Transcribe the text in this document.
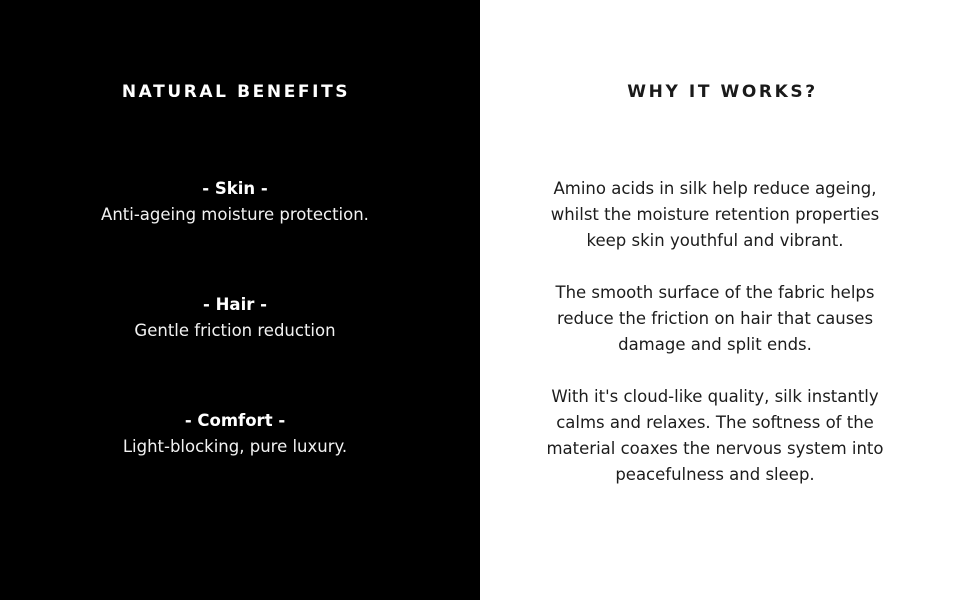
NATURAL BENEFITS

- Skin -

Anti-ageing moisture protection.

- Hair -

Gentle friction reduction

- Comfort -

Light-blocking, pure luxury.

WHY IT WORKS?

Amino acids in silk help reduce ageing, whilst the moisture retention properties keep skin youthful and vibrant.

The smooth surface of the fabric helps reduce the friction on hair that causes damage and split ends.

With it's cloud-like quality, silk instantly calms and relaxes. The softness of the material coaxes the nervous system into peacefulness and sleep.
